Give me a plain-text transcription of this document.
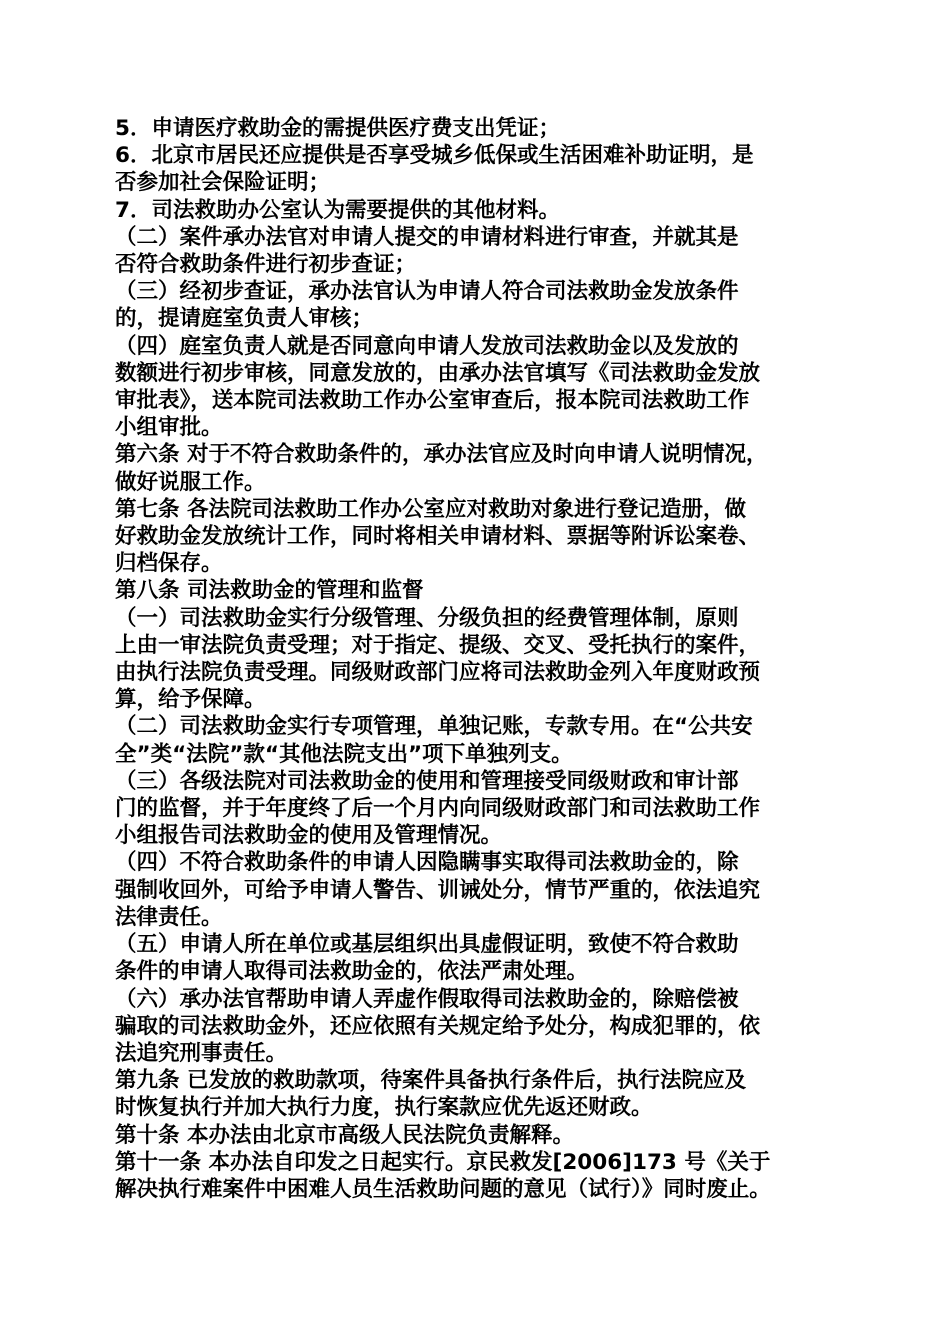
5．申请医疗救助金的需提供医疗费支出凭证；
6．北京市居民还应提供是否享受城乡低保或生活困难补助证明，是
否参加社会保险证明；
7．司法救助办公室认为需要提供的其他材料。
（二）案件承办法官对申请人提交的申请材料进行审查，并就其是
否符合救助条件进行初步查证；
（三）经初步查证，承办法官认为申请人符合司法救助金发放条件
的，提请庭室负责人审核；
（四）庭室负责人就是否同意向申请人发放司法救助金以及发放的
数额进行初步审核，同意发放的，由承办法官填写《司法救助金发放
审批表》，送本院司法救助工作办公室审查后，报本院司法救助工作
小组审批。
第六条 对于不符合救助条件的，承办法官应及时向申请人说明情况，
做好说服工作。
第七条 各法院司法救助工作办公室应对救助对象进行登记造册，做
好救助金发放统计工作，同时将相关申请材料、票据等附诉讼案卷、
归档保存。
第八条 司法救助金的管理和监督
（一）司法救助金实行分级管理、分级负担的经费管理体制，原则
上由一审法院负责受理；对于指定、提级、交叉、受托执行的案件，
由执行法院负责受理。同级财政部门应将司法救助金列入年度财政预
算，给予保障。
（二）司法救助金实行专项管理，单独记账，专款专用。在“公共安
全”类“法院”款“其他法院支出”项下单独列支。
（三）各级法院对司法救助金的使用和管理接受同级财政和审计部
门的监督，并于年度终了后一个月内向同级财政部门和司法救助工作
小组报告司法救助金的使用及管理情况。
（四）不符合救助条件的申请人因隐瞒事实取得司法救助金的，除
强制收回外，可给予申请人警告、训诫处分，情节严重的，依法追究
法律责任。
（五）申请人所在单位或基层组织出具虚假证明，致使不符合救助
条件的申请人取得司法救助金的，依法严肃处理。
（六）承办法官帮助申请人弄虚作假取得司法救助金的，除赔偿被
骗取的司法救助金外，还应依照有关规定给予处分，构成犯罪的，依
法追究刑事责任。
第九条 已发放的救助款项，待案件具备执行条件后，执行法院应及
时恢复执行并加大执行力度，执行案款应优先返还财政。
第十条 本办法由北京市高级人民法院负责解释。
第十一条 本办法自印发之日起实行。京民救发[2006]173 号《关于
解决执行难案件中困难人员生活救助问题的意见（试行）》同时废止。
